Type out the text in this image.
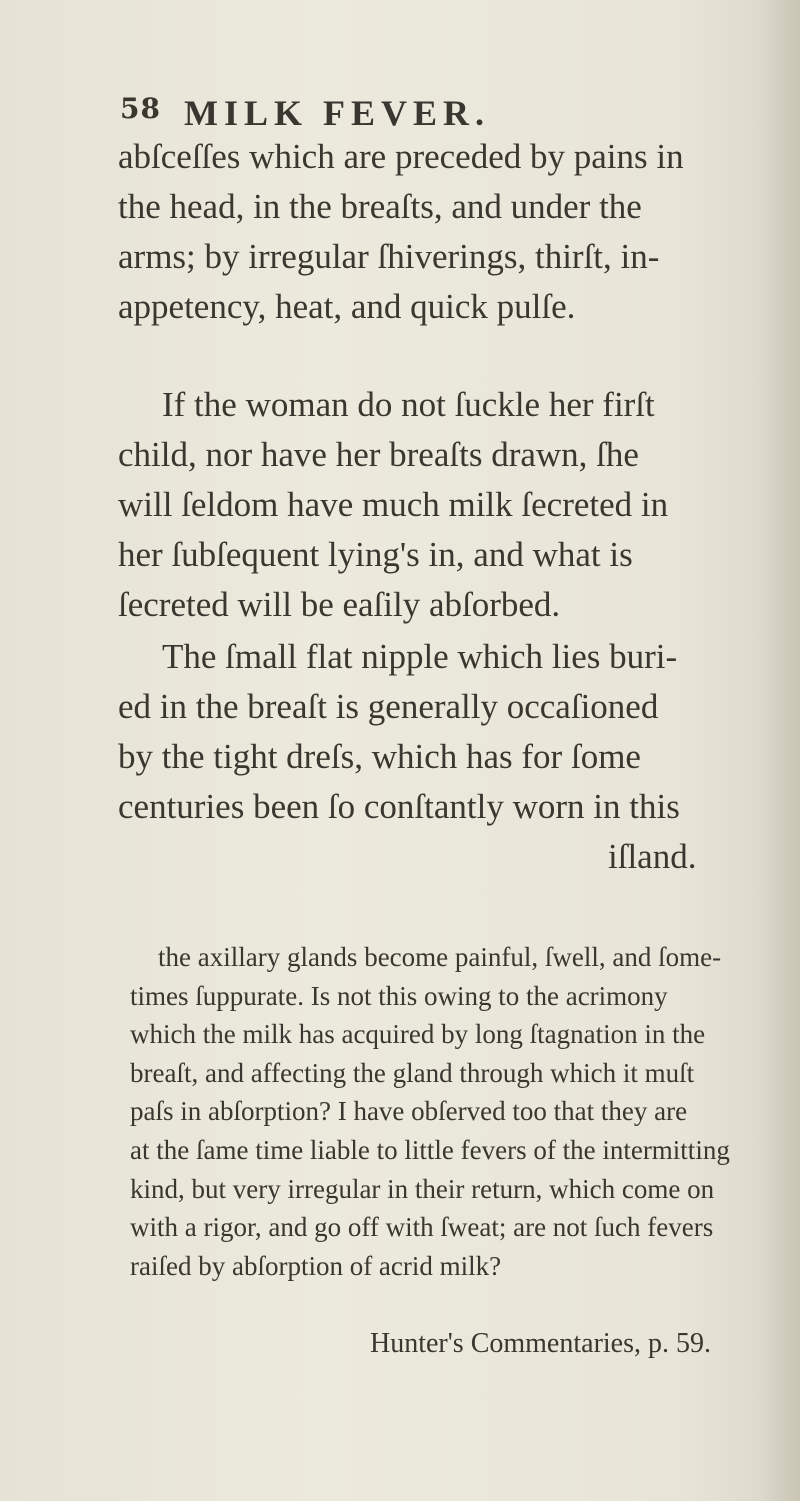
58 MILK FEVER.
abſceſſes which are preceded by pains in
the head, in the breaſts, and under the
arms; by irregular ſhiverings, thirſt, in-
appetency, heat, and quick pulſe.
If the woman do not ſuckle her firſt
child, nor have her breaſts drawn, ſhe
will ſeldom have much milk ſecreted in
her ſubſequent lying's in, and what is
ſecreted will be eaſily abſorbed.
The ſmall flat nipple which lies buri-
ed in the breaſt is generally occaſioned
by the tight dreſs, which has for ſome
centuries been ſo conſtantly worn in this
iſland.
the axillary glands become painful, ſwell, and ſome-
times ſuppurate. Is not this owing to the acrimony
which the milk has acquired by long ſtagnation in the
breaſt, and affecting the gland through which it muſt
paſs in abſorption? I have obſerved too that they are
at the ſame time liable to little fevers of the intermitting
kind, but very irregular in their return, which come on
with a rigor, and go off with ſweat; are not ſuch fevers
raiſed by abſorption of acrid milk?
Hunter's Commentaries, p. 59.
